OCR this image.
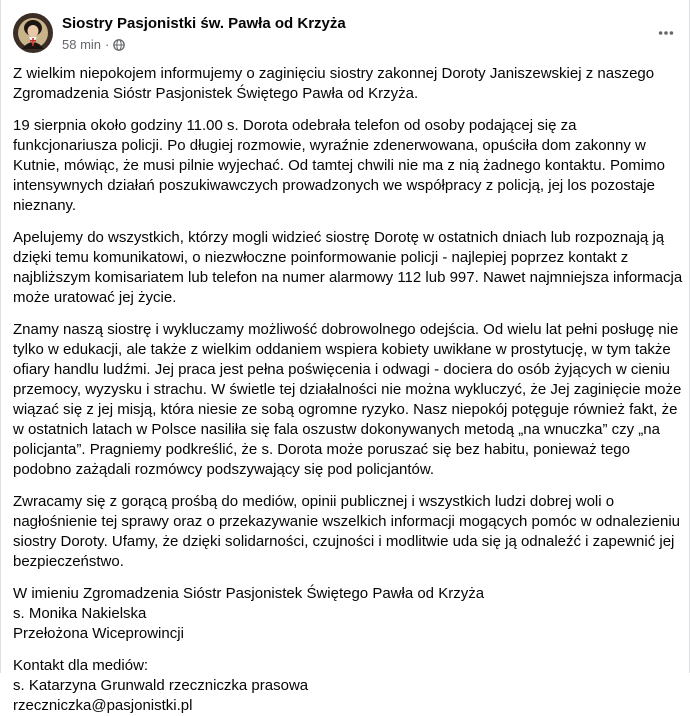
Siostry Pasjonistki św. Pawła od Krzyża
58 min ·

Z wielkim niepokojem informujemy o zaginięciu siostry zakonnej Doroty Janiszewskiej z naszego Zgromadzenia Sióstr Pasjonistek Świętego Pawła od Krzyża.

19 sierpnia około godziny 11.00 s. Dorota odebrała telefon od osoby podającej się za funkcjonariusza policji. Po długiej rozmowie, wyraźnie zdenerwowana, opuściła dom zakonny w Kutnie, mówiąc, że musi pilnie wyjechać. Od tamtej chwili nie ma z nią żadnego kontaktu. Pomimo intensywnych działań poszukiwawczych prowadzonych we współpracy z policją, jej los pozostaje nieznany.

Apelujemy do wszystkich, którzy mogli widzieć siostrę Dorotę w ostatnich dniach lub rozpoznają ją dzięki temu komunikatowi, o niezwłoczne poinformowanie policji - najlepiej poprzez kontakt z najbliższym komisariatem lub telefon na numer alarmowy 112 lub 997. Nawet najmniejsza informacja może uratować jej życie.

Znamy naszą siostrę i wykluczamy możliwość dobrowolnego odejścia. Od wielu lat pełni posługę nie tylko w edukacji, ale także z wielkim oddaniem wspiera kobiety uwikłane w prostytucję, w tym także ofiary handlu ludźmi. Jej praca jest pełna poświęcenia i odwagi - dociera do osób żyjących w cieniu przemocy, wyzysku i strachu. W świetle tej działalności nie można wykluczyć, że Jej zaginięcie może wiązać się z jej misją, która niesie ze sobą ogromne ryzyko. Nasz niepokój potęguje również fakt, że w ostatnich latach w Polsce nasiliła się fala oszustw dokonywanych metodą „na wnuczka” czy „na policjanta”. Pragniemy podkreślić, że s. Dorota może poruszać się bez habitu, ponieważ tego podobno zażądali rozmówcy podszywający się pod policjantów.

Zwracamy się z gorącą prośbą do mediów, opinii publicznej i wszystkich ludzi dobrej woli o nagłośnienie tej sprawy oraz o przekazywanie wszelkich informacji mogących pomóc w odnalezieniu siostry Doroty. Ufamy, że dzięki solidarności, czujności i modlitwie uda się ją odnaleźć i zapewnić jej bezpieczeństwo.

W imieniu Zgromadzenia Sióstr Pasjonistek Świętego Pawła od Krzyża
s. Monika Nakielska
Przełożona Wiceprowincji

Kontakt dla mediów:
s. Katarzyna Grunwald rzeczniczka prasowa
rzeczniczka@pasjonistki.pl
